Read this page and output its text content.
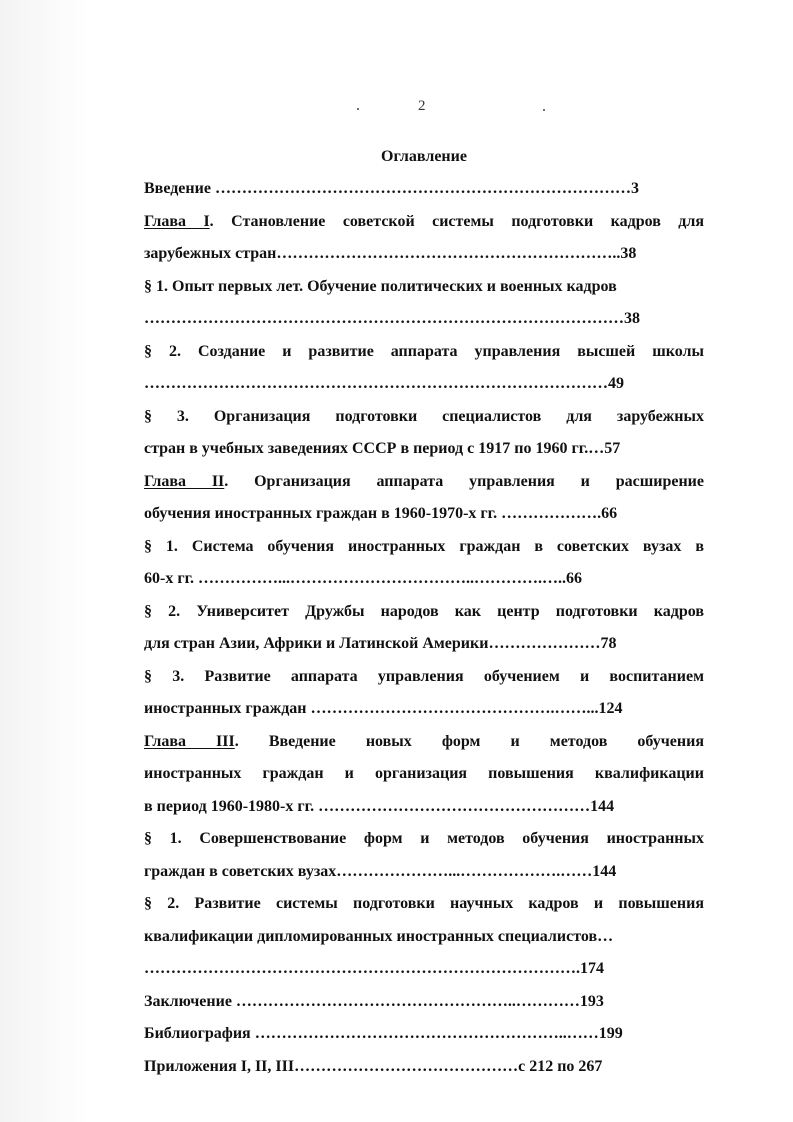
2
Оглавление
Введение ……………………………………………………………………3
Глава I. Становление советской системы подготовки кадров для
зарубежных стран………………………………………………………..38
§ 1. Опыт первых лет. Обучение политических и военных кадров
………………………………………………………………………………38
§ 2. Создание и развитие аппарата управления высшей школы
……………………………………………………………………………49
§ 3. Организация подготовки специалистов для зарубежных
стран в учебных заведениях СССР в период с 1917 по 1960 гг.…57
Глава II. Организация аппарата управления и расширение
обучения иностранных граждан в 1960-1970-х гг. ……………….66
§ 1. Система обучения иностранных граждан в советских вузах в
60-х гг. ……………...……………………………..………….…..66
§ 2. Университет Дружбы народов как центр подготовки кадров
для стран Азии, Африки и Латинской Америки…………………78
§ 3. Развитие аппарата управления обучением и воспитанием
иностранных граждан ……………………………………….……...124
Глава III. Введение новых форм и методов обучения
иностранных граждан и организация повышения квалификации
в период 1960-1980-х гг. ……………………………………………144
§ 1. Совершенствование форм и методов обучения иностранных
граждан в советских вузах…………………...……………….……144
§ 2. Развитие системы подготовки научных кадров и повышения
квалификации дипломированных иностранных специалистов…
……………………………………………………………………….174
Заключение ……………………………………………..…………193
Библиография …………………………………………………..……199
Приложения I, II, III……………………………………с 212 по 267
